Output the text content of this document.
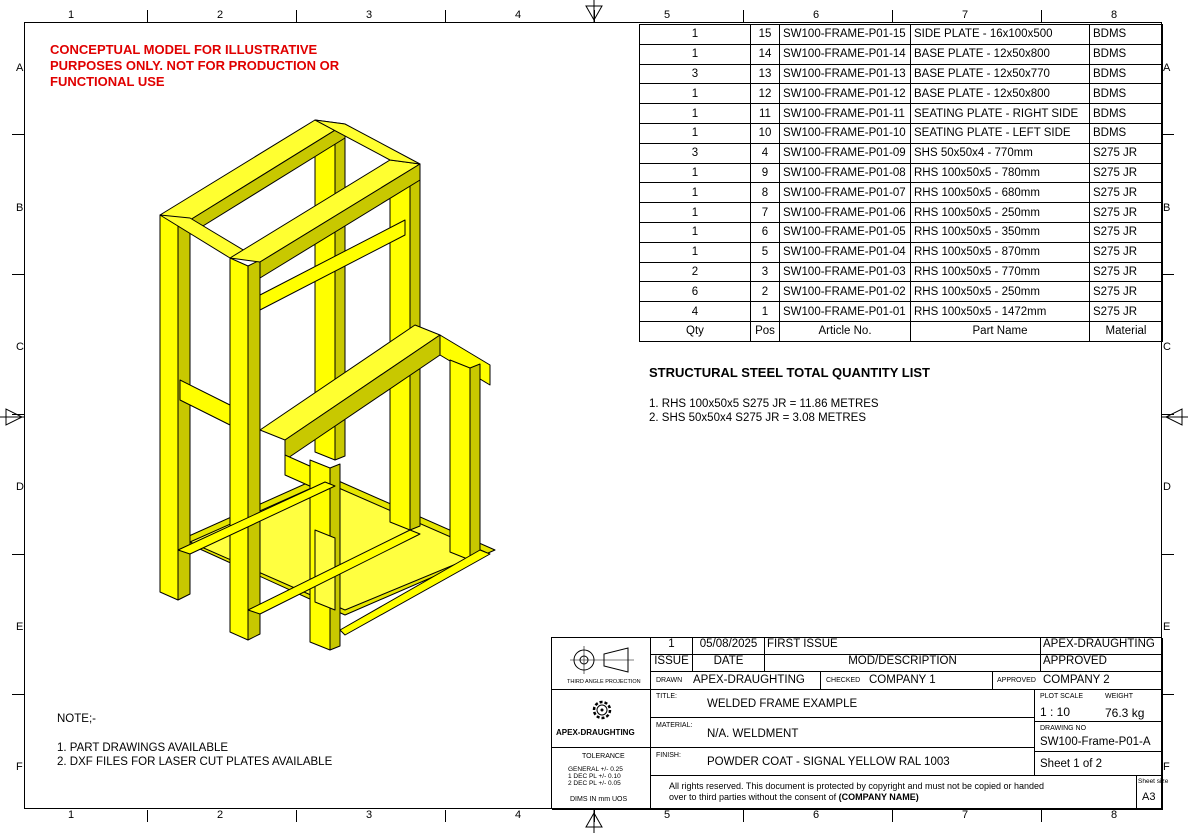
1
1
2
2
3
3
4
4
5
5
6
6
7
7
8
8
A	A
B	B
C	C
D	D
E	E
F	F
CONCEPTUAL MODEL FOR ILLUSTRATIVE PURPOSES ONLY. NOT FOR PRODUCTION OR FUNCTIONAL USE
1	15	SW100-FRAME-P01-15	SIDE PLATE - 16x100x500	BDMS
1	14	SW100-FRAME-P01-14	BASE PLATE - 12x50x800	BDMS
3	13	SW100-FRAME-P01-13	BASE PLATE - 12x50x770	BDMS
1	12	SW100-FRAME-P01-12	BASE PLATE - 12x50x800	BDMS
1	11	SW100-FRAME-P01-11	SEATING PLATE - RIGHT SIDE	BDMS
1	10	SW100-FRAME-P01-10	SEATING PLATE - LEFT SIDE	BDMS
3	4	SW100-FRAME-P01-09	SHS 50x50x4 - 770mm	S275 JR
1	9	SW100-FRAME-P01-08	RHS 100x50x5 - 780mm	S275 JR
1	8	SW100-FRAME-P01-07	RHS 100x50x5 - 680mm	S275 JR
1	7	SW100-FRAME-P01-06	RHS 100x50x5 - 250mm	S275 JR
1	6	SW100-FRAME-P01-05	RHS 100x50x5 - 350mm	S275 JR
1	5	SW100-FRAME-P01-04	RHS 100x50x5 - 870mm	S275 JR
2	3	SW100-FRAME-P01-03	RHS 100x50x5 - 770mm	S275 JR
6	2	SW100-FRAME-P01-02	RHS 100x50x5 - 250mm	S275 JR
4	1	SW100-FRAME-P01-01	RHS 100x50x5 - 1472mm	S275 JR
Qty	Pos	Article No.	Part Name	Material
STRUCTURAL STEEL TOTAL QUANTITY LIST
1. RHS 100x50x5 S275 JR = 11.86 METRES
2. SHS 50x50x4 S275 JR = 3.08 METRES
NOTE;-
1. PART DRAWINGS AVAILABLE
2. DXF FILES FOR LASER CUT PLATES AVAILABLE
THIRD ANGLE PROJECTION
1	05/08/2025 FIRST ISSUE	APEX-DRAUGHTING
ISSUE	DATE	MOD/DESCRIPTION	APPROVED
DRAWN APEX-DRAUGHTING	CHECKED COMPANY 1	APPROVED COMPANY 2
APEX-DRAUGHTING
TITLE:
WELDED FRAME EXAMPLE
MATERIAL:
N/A. WELDMENT
FINISH:
POWDER COAT - SIGNAL YELLOW RAL 1003
PLOT SCALE	WEIGHT
1 : 10	76.3 kg
DRAWING NO
SW100-Frame-P01-A
Sheet 1 of 2
TOLERANCE
GENERAL +/- 0.25
1 DEC PL +/- 0.10
2 DEC PL +/- 0.05
DIMS IN mm UOS
All rights reserved. This document is protected by copyright and must not be copied or handed
over to third parties without the consent of (COMPANY NAME)
Sheet size
A3
